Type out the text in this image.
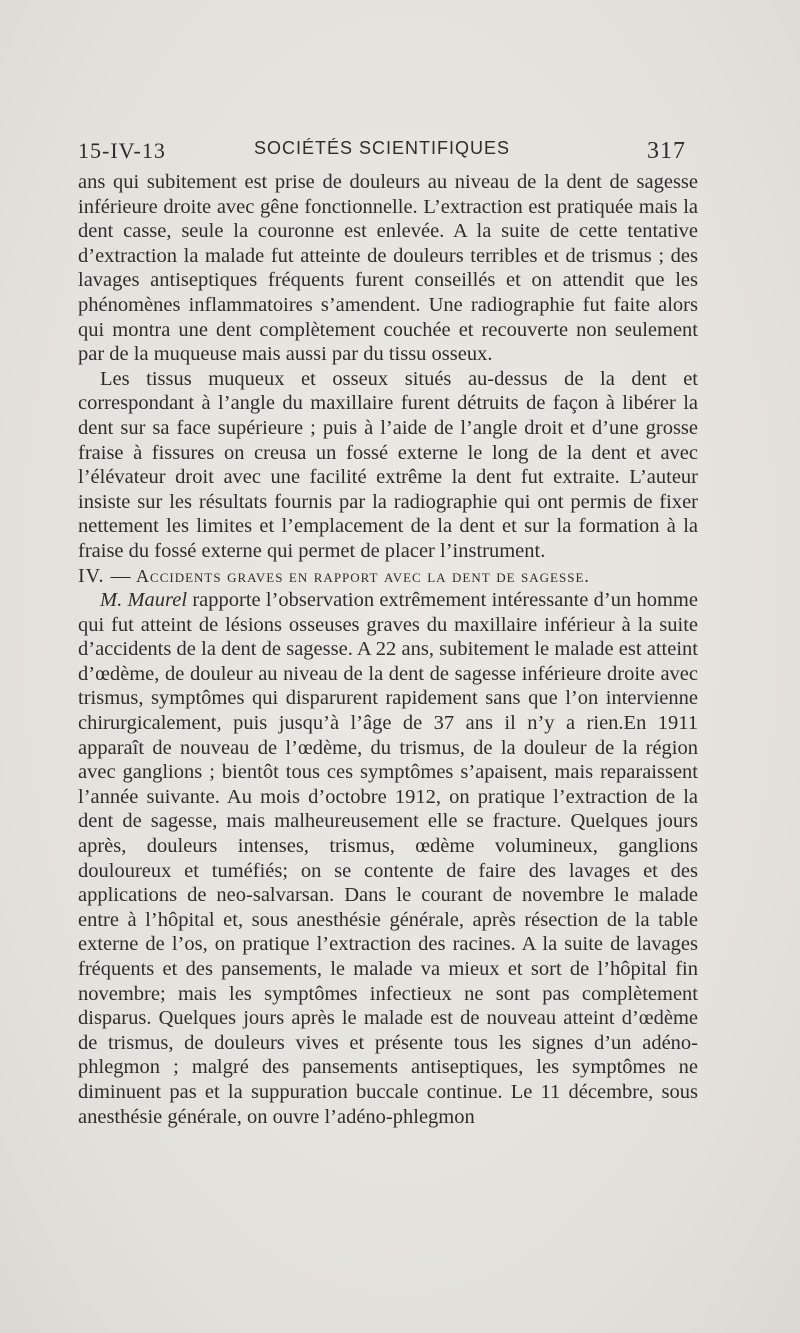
15-IV-13	SOCIÉTÉS SCIENTIFIQUES	317

ans qui subitement est prise de douleurs au niveau de la dent de sagesse inférieure droite avec gêne fonctionnelle. L’extraction est pratiquée mais la dent casse, seule la couronne est enlevée. A la suite de cette tentative d’extraction la malade fut atteinte de douleurs terribles et de trismus ; des lavages antiseptiques fréquents furent conseillés et on attendit que les phénomènes inflammatoires s’amendent. Une radiographie fut faite alors qui montra une dent complètement couchée et recouverte non seulement par de la muqueuse mais aussi par du tissu osseux.

Les tissus muqueux et osseux situés au-dessus de la dent et correspondant à l’angle du maxillaire furent détruits de façon à libérer la dent sur sa face supérieure ; puis à l’aide de l’angle droit et d’une grosse fraise à fissures on creusa un fossé externe le long de la dent et avec l’élévateur droit avec une facilité extrême la dent fut extraite. L’auteur insiste sur les résultats fournis par la radiographie qui ont permis de fixer nettement les limites et l’emplacement de la dent et sur la formation à la fraise du fossé externe qui permet de placer l’instrument.

IV. — Accidents graves en rapport avec la dent de sagesse.

M. Maurel rapporte l’observation extrêmement intéressante d’un homme qui fut atteint de lésions osseuses graves du maxillaire inférieur à la suite d’accidents de la dent de sagesse. A 22 ans, subitement le malade est atteint d’œdème, de douleur au niveau de la dent de sagesse inférieure droite avec trismus, symptômes qui disparurent rapidement sans que l’on intervienne chirurgicalement, puis jusqu’à l’âge de 37 ans il n’y a rien.En 1911 apparaît de nouveau de l’œdème, du trismus, de la douleur de la région avec ganglions ; bientôt tous ces symptômes s’apaisent, mais reparaissent l’année suivante. Au mois d’octobre 1912, on pratique l’extraction de la dent de sagesse, mais malheureusement elle se fracture. Quelques jours après, douleurs intenses, trismus, œdème volumineux, ganglions douloureux et tuméfiés; on se contente de faire des lavages et des applications de neo-salvarsan. Dans le courant de novembre le malade entre à l’hôpital et, sous anesthésie générale, après résection de la table externe de l’os, on pratique l’extraction des racines. A la suite de lavages fréquents et des pansements, le malade va mieux et sort de l’hôpital fin novembre; mais les symptômes infectieux ne sont pas complètement disparus. Quelques jours après le malade est de nouveau atteint d’œdème de trismus, de douleurs vives et présente tous les signes d’un adéno-phlegmon ; malgré des pansements antiseptiques, les symptômes ne diminuent pas et la suppuration buccale continue. Le 11 décembre, sous anesthésie générale, on ouvre l’adéno-phlegmon
